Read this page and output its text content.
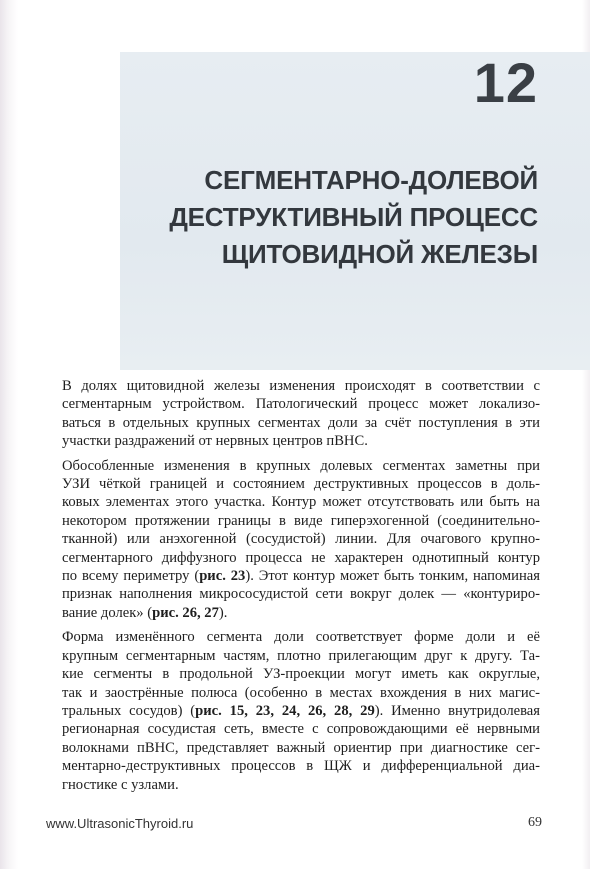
12
СЕГМЕНТАРНО-ДОЛЕВОЙ
ДЕСТРУКТИВНЫЙ ПРОЦЕСС
ЩИТОВИДНОЙ ЖЕЛЕЗЫ

В долях щитовидной железы изменения происходят в соответствии с
сегментарным устройством. Патологический процесс может локализо-
ваться в отдельных крупных сегментах доли за счёт поступления в эти
участки раздражений от нервных центров пВНС.

Обособленные изменения в крупных долевых сегментах заметны при
УЗИ чёткой границей и состоянием деструктивных процессов в доль-
ковых элементах этого участка. Контур может отсутствовать или быть на
некотором протяжении границы в виде гиперэхогенной (соединительно-
тканной) или анэхогенной (сосудистой) линии. Для очагового крупно-
сегментарного диффузного процесса не характерен однотипный контур
по всему периметру (рис. 23). Этот контур может быть тонким, напоминая
признак наполнения микрососудистой сети вокруг долек — «контуриро-
вание долек» (рис. 26, 27).

Форма изменённого сегмента доли соответствует форме доли и её
крупным сегментарным частям, плотно прилегающим друг к другу. Та-
кие сегменты в продольной УЗ-проекции могут иметь как округлые,
так и заострённые полюса (особенно в местах вхождения в них магис-
тральных сосудов) (рис. 15, 23, 24, 26, 28, 29). Именно внутридолевая
регионарная сосудистая сеть, вместе с сопровождающими её нервными
волокнами пВНС, представляет важный ориентир при диагностике сег-
ментарно-деструктивных процессов в ЩЖ и дифференциальной диа-
гностике с узлами.

www.UltrasonicThyroid.ru	69
